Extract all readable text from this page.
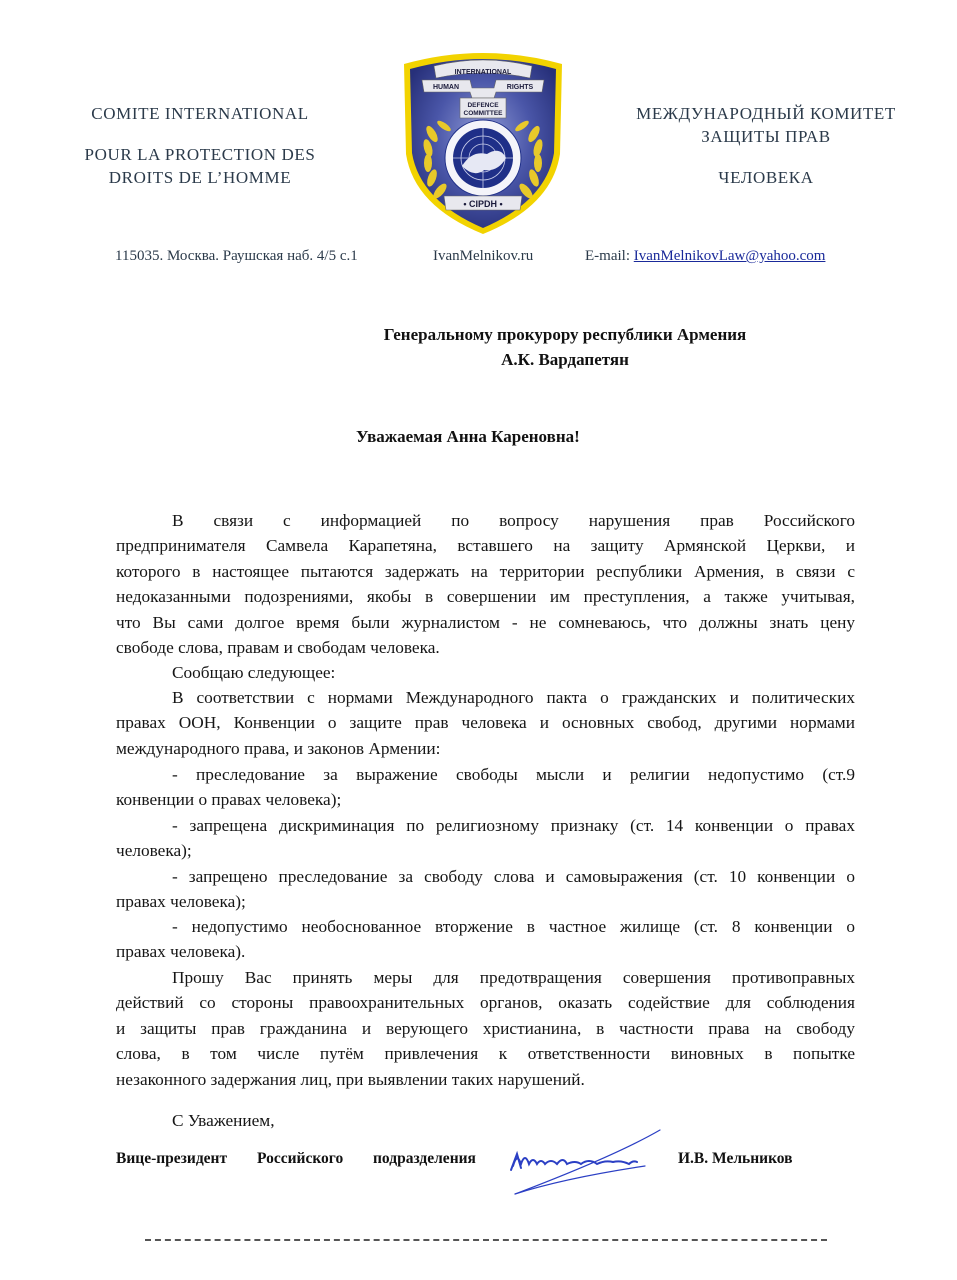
COMITE INTERNATIONAL
POUR LA PROTECTION DES
DROITS DE L’HOMME
INTERNATIONAL
HUMAN	RIGHTS
DEFENCE
COMMITTEE
• CIPDH •
МЕЖДУНАРОДНЫЙ КОМИТЕТ
ЗАЩИТЫ ПРАВ
ЧЕЛОВЕКА
115035. Москва. Раушская наб. 4/5 с.1	IvanMelnikov.ru	E-mail: IvanMelnikovLaw@yahoo.com
Генеральному прокурору республики Армения
А.К. Вардапетян
Уважаемая Анна Кареновна!
В связи с информацией по вопросу нарушения прав Российского
предпринимателя Самвела Карапетяна, вставшего на защиту Армянской Церкви, и
которого в настоящее пытаются задержать на территории республики Армения, в связи с
недоказанными подозрениями, якобы в совершении им преступления, а также учитывая,
что Вы сами долгое время были журналистом - не сомневаюсь, что должны знать цену
свободе слова, правам и свободам человека.
Сообщаю следующее:
В соответствии с нормами Международного пакта о гражданских и политических
правах ООН, Конвенции о защите прав человека и основных свобод, другими нормами
международного права, и законов Армении:
- преследование за выражение свободы мысли и религии недопустимо (ст.9
конвенции о правах человека);
- запрещена дискриминация по религиозному признаку (ст. 14 конвенции о правах
человека);
- запрещено преследование за свободу слова и самовыражения (ст. 10 конвенции о
правах человека);
- недопустимо необоснованное вторжение в частное жилище (ст. 8 конвенции о
правах человека).
Прошу Вас принять меры для предотвращения совершения противоправных
действий со стороны правоохранительных органов, оказать содействие для соблюдения
и защиты прав гражданина и верующего христианина, в частности права на свободу
слова, в том числе путём привлечения к ответственности виновных в попытке
незаконного задержания лиц, при выявлении таких нарушений.
С Уважением,
Вице-президент Российского подразделения	И.В. Мельников
